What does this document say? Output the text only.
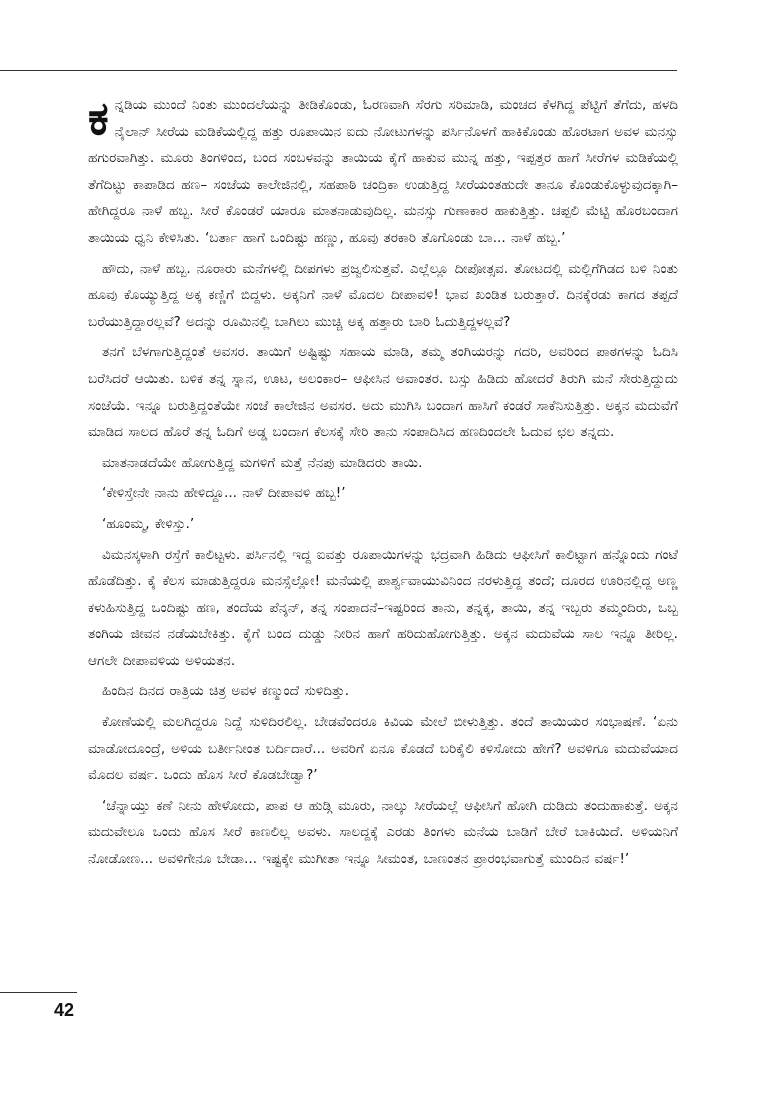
ಕನ್ನಡಿಯ ಮುಂದೆ ನಿಂತು ಮುಂದಲೆಯನ್ನು ತೀಡಿಕೊಂಡು, ಓರಣವಾಗಿ ಸೆರಗು ಸರಿಮಾಡಿ, ಮಂಚದ ಕೆಳಗಿದ್ದ ಪೆಟ್ಟಿಗೆ ತೆಗೆದು, ಹಳದಿ ನೈಲಾನ್ ಸೀರೆಯ ಮಡಿಕೆಯಲ್ಲಿದ್ದ ಹತ್ತು ರೂಪಾಯಿನ ಐದು ನೋಟುಗಳನ್ನು ಪರ್ಸಿನೊಳಗೆ ಹಾಕಿಕೊಂಡು ಹೊರಟಾಗ ಅವಳ ಮನಸ್ಸು ಹಗುರವಾಗಿತ್ತು. ಮೂರು ತಿಂಗಳಿಂದ, ಬಂದ ಸಂಬಳವನ್ನು ತಾಯಿಯ ಕೈಗೆ ಹಾಕುವ ಮುನ್ನ ಹತ್ತು, ಇಪ್ಪತ್ತರ ಹಾಗೆ ಸೀರೆಗಳ ಮಡಿಕೆಯಲ್ಲಿ ತೆಗೆದಿಟ್ಟು ಕಾಪಾಡಿದ ಹಣ– ಸಂಜೆಯ ಕಾಲೇಜಿನಲ್ಲಿ, ಸಹಪಾಠಿ ಚಂದ್ರಿಕಾ ಉಡುತ್ತಿದ್ದ ಸೀರೆಯಂತಹುದೇ ತಾನೂ ಕೊಂಡುಕೊಳ್ಳುವುದಕ್ಕಾಗಿ– ಹೇಗಿದ್ದರೂ ನಾಳೆ ಹಬ್ಬ. ಸೀರೆ ಕೊಂಡರೆ ಯಾರೂ ಮಾತನಾಡುವುದಿಲ್ಲ. ಮನಸ್ಸು ಗುಣಾಕಾರ ಹಾಕುತ್ತಿತ್ತು. ಚಪ್ಪಲಿ ಮೆಟ್ಟಿ ಹೊರಬಂದಾಗ ತಾಯಿಯ ಧ್ವನಿ ಕೇಳಿಸಿತು. ‘ಬರ್ತಾ ಹಾಗೆ ಒಂದಿಷ್ಟು ಹಣ್ಣು, ಹೂವು ತರಕಾರಿ ತೊಗೊಂಡು ಬಾ... ನಾಳೆ ಹಬ್ಬ.’

ಹೌದು, ನಾಳೆ ಹಬ್ಬ. ನೂರಾರು ಮನೆಗಳಲ್ಲಿ ದೀಪಗಳು ಪ್ರಜ್ವಲಿಸುತ್ತವೆ. ಎಲ್ಲೆಲ್ಲೂ ದೀಪೋತ್ಸವ. ತೋಟದಲ್ಲಿ ಮಲ್ಲಿಗೆಗಿಡದ ಬಳಿ ನಿಂತು ಹೂವು ಕೊಯ್ಯುತ್ತಿದ್ದ ಅಕ್ಕ ಕಣ್ಣಿಗೆ ಬಿದ್ದಳು. ಅಕ್ಕನಿಗೆ ನಾಳೆ ಮೊದಲ ದೀಪಾವಳಿ! ಭಾವ ಖಂಡಿತ ಬರುತ್ತಾರೆ. ದಿನಕ್ಕೆರಡು ಕಾಗದ ತಪ್ಪದೆ ಬರೆಯುತ್ತಿದ್ದಾರಲ್ಲವೆ? ಅದನ್ನು ರೂಮಿನಲ್ಲಿ ಬಾಗಿಲು ಮುಚ್ಚಿ ಅಕ್ಕ ಹತ್ತಾರು ಬಾರಿ ಓದುತ್ತಿದ್ದಳಲ್ಲವೆ?

ತನಗೆ ಬೆಳಗಾಗುತ್ತಿದ್ದಂತೆ ಅವಸರ. ತಾಯಿಗೆ ಅಷ್ಟಿಷ್ಟು ಸಹಾಯ ಮಾಡಿ, ತಮ್ಮ ತಂಗಿಯರನ್ನು ಗದರಿ, ಅವರಿಂದ ಪಾಠಗಳನ್ನು ಓದಿಸಿ ಬರೆಸಿದರೆ ಆಯಿತು. ಬಳಿಕ ತನ್ನ ಸ್ನಾನ, ಊಟ, ಅಲಂಕಾರ– ಆಫೀಸಿನ ಅವಾಂತರ. ಬಸ್ಸು ಹಿಡಿದು ಹೋದರೆ ತಿರುಗಿ ಮನೆ ಸೇರುತ್ತಿದ್ದುದು ಸಂಜೆಯೆ. ಇನ್ನೂ ಬರುತ್ತಿದ್ದಂತೆಯೇ ಸಂಜೆ ಕಾಲೇಜಿನ ಅವಸರ. ಅದು ಮುಗಿಸಿ ಬಂದಾಗ ಹಾಸಿಗೆ ಕಂಡರೆ ಸಾಕೆನಿಸುತ್ತಿತ್ತು. ಅಕ್ಕನ ಮದುವೆಗೆ ಮಾಡಿದ ಸಾಲದ ಹೊರೆ ತನ್ನ ಓದಿಗೆ ಅಡ್ಡ ಬಂದಾಗ ಕೆಲಸಕ್ಕೆ ಸೇರಿ ತಾನು ಸಂಪಾದಿಸಿದ ಹಣದಿಂದಲೇ ಓದುವ ಛಲ ತನ್ನದು.

ಮಾತನಾಡದೆಯೇ ಹೋಗುತ್ತಿದ್ದ ಮಗಳಿಗೆ ಮತ್ತೆ ನೆನಪು ಮಾಡಿದರು ತಾಯಿ.

‘ಕೇಳಿಸ್ತೇನೇ ನಾನು ಹೇಳಿದ್ದೂ... ನಾಳೆ ದೀಪಾವಳಿ ಹಬ್ಬ!’

‘ಹೂಂಮ್ಮ, ಕೇಳಿಸ್ತು.’

ವಿಮನಸ್ಕಳಾಗಿ ರಸ್ತೆಗೆ ಕಾಲಿಟ್ಟಳು. ಪರ್ಸಿನಲ್ಲಿ ಇದ್ದ ಐವತ್ತು ರೂಪಾಯಿಗಳನ್ನು ಭದ್ರವಾಗಿ ಹಿಡಿದು ಆಫೀಸಿಗೆ ಕಾಲಿಟ್ಟಾಗ ಹನ್ನೊಂದು ಗಂಟೆ ಹೊಡೆದಿತ್ತು. ಕೈ ಕೆಲಸ ಮಾಡುತ್ತಿದ್ದರೂ ಮನಸ್ಸೆಲ್ಲೋ! ಮನೆಯಲ್ಲಿ ಪಾರ್ಶ್ವವಾಯುವಿನಿಂದ ನರಳುತ್ತಿದ್ದ ತಂದೆ; ದೂರದ ಊರಿನಲ್ಲಿದ್ದ ಅಣ್ಣ ಕಳುಹಿಸುತ್ತಿದ್ದ ಒಂದಿಷ್ಟು ಹಣ, ತಂದೆಯ ಪೆನ್ಶನ್, ತನ್ನ ಸಂಪಾದನೆ–ಇಷ್ಟರಿಂದ ತಾನು, ತನ್ನಕ್ಕ, ತಾಯಿ, ತನ್ನ ಇಬ್ಬರು ತಮ್ಮಂದಿರು, ಒಬ್ಬ ತಂಗಿಯ ಜೀವನ ನಡೆಯಬೇಕಿತ್ತು. ಕೈಗೆ ಬಂದ ದುಡ್ಡು ನೀರಿನ ಹಾಗೆ ಹರಿದುಹೋಗುತ್ತಿತ್ತು. ಅಕ್ಕನ ಮದುವೆಯ ಸಾಲ ಇನ್ನೂ ತೀರಿಲ್ಲ. ಆಗಲೇ ದೀಪಾವಳಿಯ ಅಳಿಯತನ.

ಹಿಂದಿನ ದಿನದ ರಾತ್ರಿಯ ಚಿತ್ರ ಅವಳ ಕಣ್ಮುಂದೆ ಸುಳಿದಿತ್ತು.

ಕೋಣೆಯಲ್ಲಿ ಮಲಗಿದ್ದರೂ ನಿದ್ದೆ ಸುಳಿದಿರಲಿಲ್ಲ. ಬೇಡವೆಂದರೂ ಕಿವಿಯ ಮೇಲೆ ಬೀಳುತ್ತಿತ್ತು. ತಂದೆ ತಾಯಿಯರ ಸಂಭಾಷಣೆ. ‘ಏನು ಮಾಡೋದೂಂದ್ರೆ, ಅಳಿಯ ಬರ್ತೀನೀಂತ ಬರ್ದಿದಾರೆ... ಅವರಿಗೆ ಏನೂ ಕೊಡದೆ ಬರಿಕೈಲಿ ಕಳಿಸೋದು ಹೇಗೆ? ಅವಳಿಗೂ ಮದುವೆಯಾದ ಮೊದಲ ವರ್ಷ. ಒಂದು ಹೊಸ ಸೀರೆ ಕೊಡಬೇಡ್ವಾ?’

‘ಚೆನ್ನಾಯ್ತು ಕಣೆ ನೀನು ಹೇಳೋದು, ಪಾಪ ಆ ಹುಡ್ಗಿ ಮೂರು, ನಾಲ್ಕು ಸೀರೆಯಲ್ಲೆ ಆಫೀಸಿಗೆ ಹೋಗಿ ದುಡಿದು ತಂದುಹಾಕುತ್ತೆ. ಅಕ್ಕನ ಮದುವೇಲೂ ಒಂದು ಹೊಸ ಸೀರೆ ಕಾಣಲಿಲ್ಲ ಅವಳು. ಸಾಲದ್ದಕ್ಕೆ ಎರಡು ತಿಂಗಳು ಮನೆಯ ಬಾಡಿಗೆ ಬೇರೆ ಬಾಕಿಯಿದೆ. ಅಳಿಯನಿಗೆ ನೋಡೋಣ... ಅವಳಿಗೇನೂ ಬೇಡಾ... ಇಷ್ಟಕ್ಕೇ ಮುಗೀತಾ ಇನ್ನೂ ಸೀಮಂತ, ಬಾಣಂತನ ಪ್ರಾರಂಭವಾಗುತ್ತೆ ಮುಂದಿನ ವರ್ಷ!’

42
